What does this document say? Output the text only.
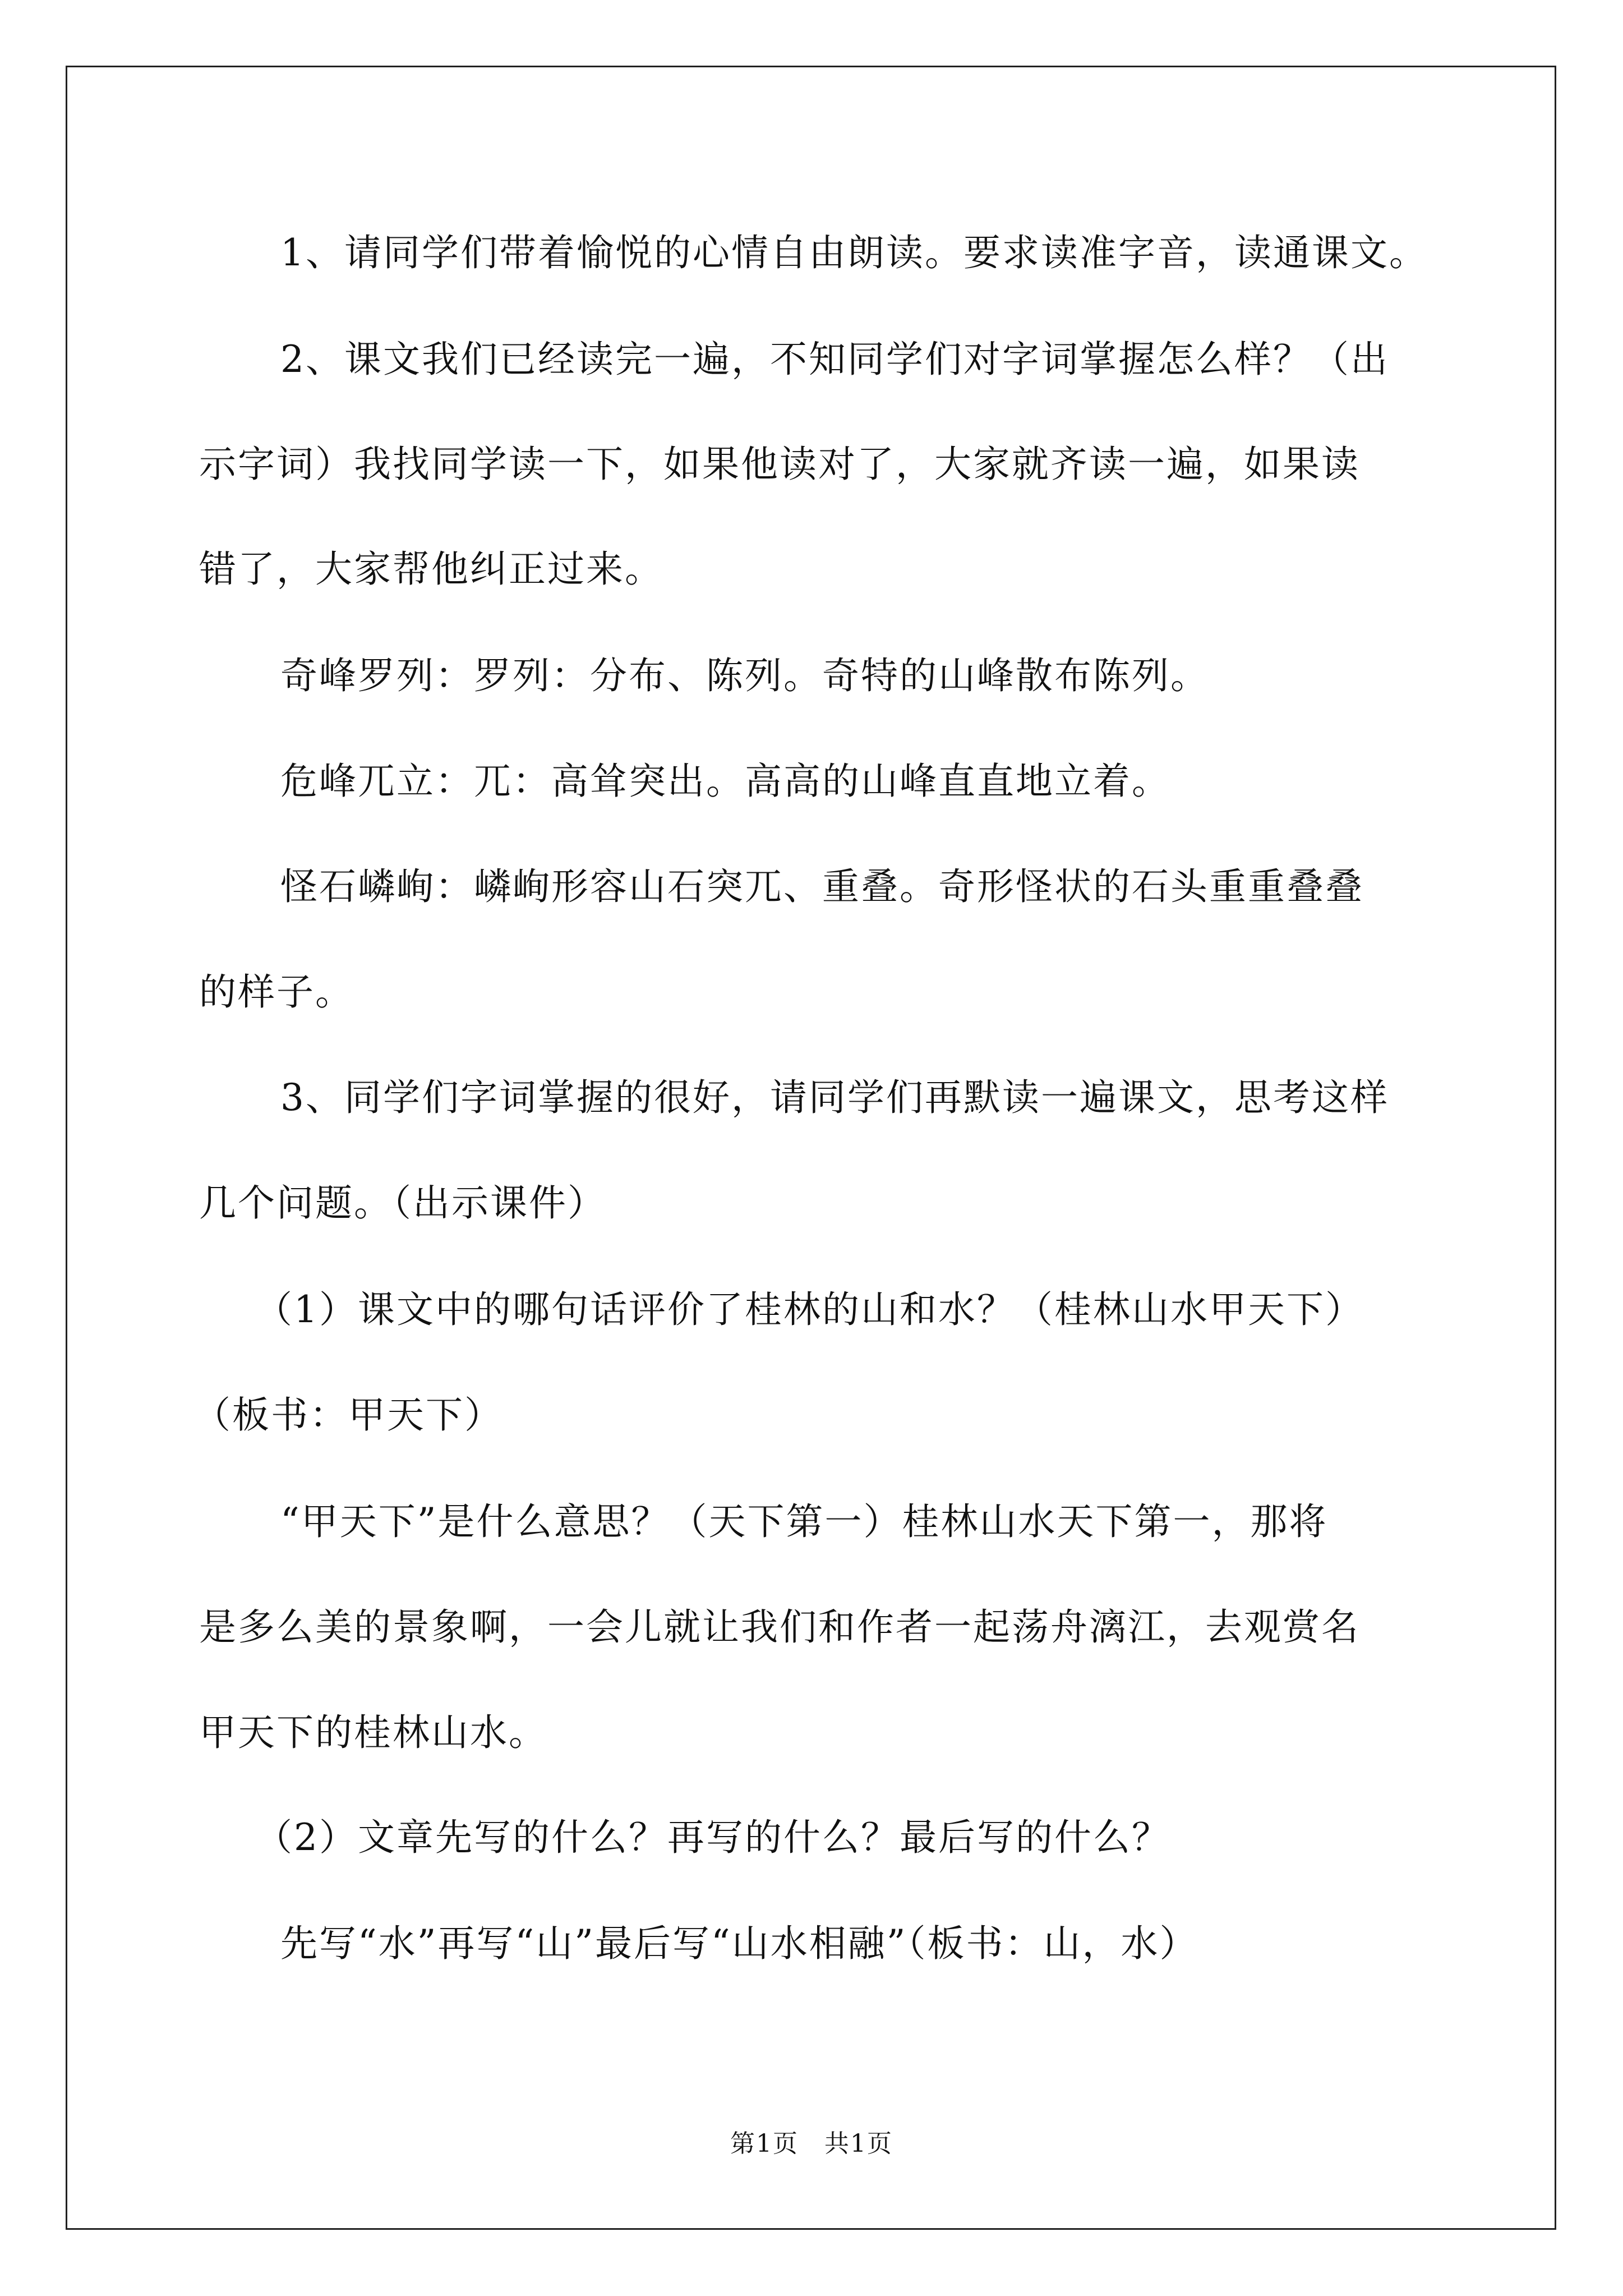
1、请同学们带着愉悦的心情自由朗读。要求读准字音，读通课文。
2、课文我们已经读完一遍，不知同学们对字词掌握怎么样？（出
示字词）我找同学读一下，如果他读对了，大家就齐读一遍，如果读
错了，大家帮他纠正过来。
奇峰罗列：罗列：分布、陈列。奇特的山峰散布陈列。
危峰兀立：兀：高耸突出。高高的山峰直直地立着。
怪石嶙峋：嶙峋形容山石突兀、重叠。奇形怪状的石头重重叠叠
的样子。
3、同学们字词掌握的很好，请同学们再默读一遍课文，思考这样
几个问题。（出示课件）
（1）课文中的哪句话评价了桂林的山和水？（桂林山水甲天下）
（板书：甲天下）
“甲天下”是什么意思？（天下第一）桂林山水天下第一，那将
是多么美的景象啊，一会儿就让我们和作者一起荡舟漓江，去观赏名
甲天下的桂林山水。
（2）文章先写的什么？再写的什么？最后写的什么？
先写“水”再写“山”最后写“山水相融”（板书：山，水）
第1页　共1页
